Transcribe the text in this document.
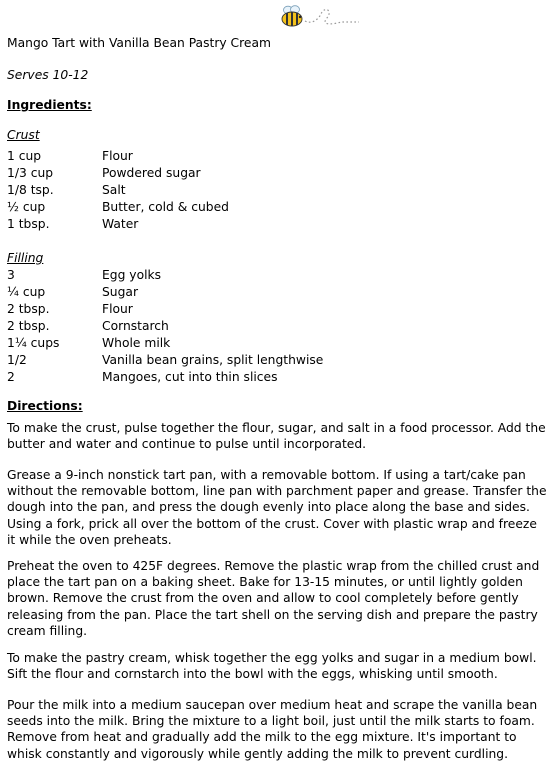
Mango Tart with Vanilla Bean Pastry Cream
Serves 10-12
Ingredients:
Crust
1 cup	Flour
1/3 cup	Powdered sugar
1/8 tsp.	Salt
½ cup	Butter, cold & cubed
1 tbsp.	Water
Filling
3	Egg yolks
¼ cup	Sugar
2 tbsp.	Flour
2 tbsp.	Cornstarch
1¼ cups	Whole milk
1/2	Vanilla bean grains, split lengthwise
2	Mangoes, cut into thin slices
Directions:
To make the crust, pulse together the flour, sugar, and salt in a food processor. Add the butter and water and continue to pulse until incorporated.
Grease a 9-inch nonstick tart pan, with a removable bottom. If using a tart/cake pan without the removable bottom, line pan with parchment paper and grease. Transfer the dough into the pan, and press the dough evenly into place along the base and sides. Using a fork, prick all over the bottom of the crust. Cover with plastic wrap and freeze it while the oven preheats.
Preheat the oven to 425F degrees. Remove the plastic wrap from the chilled crust and place the tart pan on a baking sheet. Bake for 13-15 minutes, or until lightly golden brown. Remove the crust from the oven and allow to cool completely before gently releasing from the pan. Place the tart shell on the serving dish and prepare the pastry cream filling.
To make the pastry cream, whisk together the egg yolks and sugar in a medium bowl. Sift the flour and cornstarch into the bowl with the eggs, whisking until smooth.
Pour the milk into a medium saucepan over medium heat and scrape the vanilla bean seeds into the milk. Bring the mixture to a light boil, just until the milk starts to foam. Remove from heat and gradually add the milk to the egg mixture. It's important to whisk constantly and vigorously while gently adding the milk to prevent curdling.
